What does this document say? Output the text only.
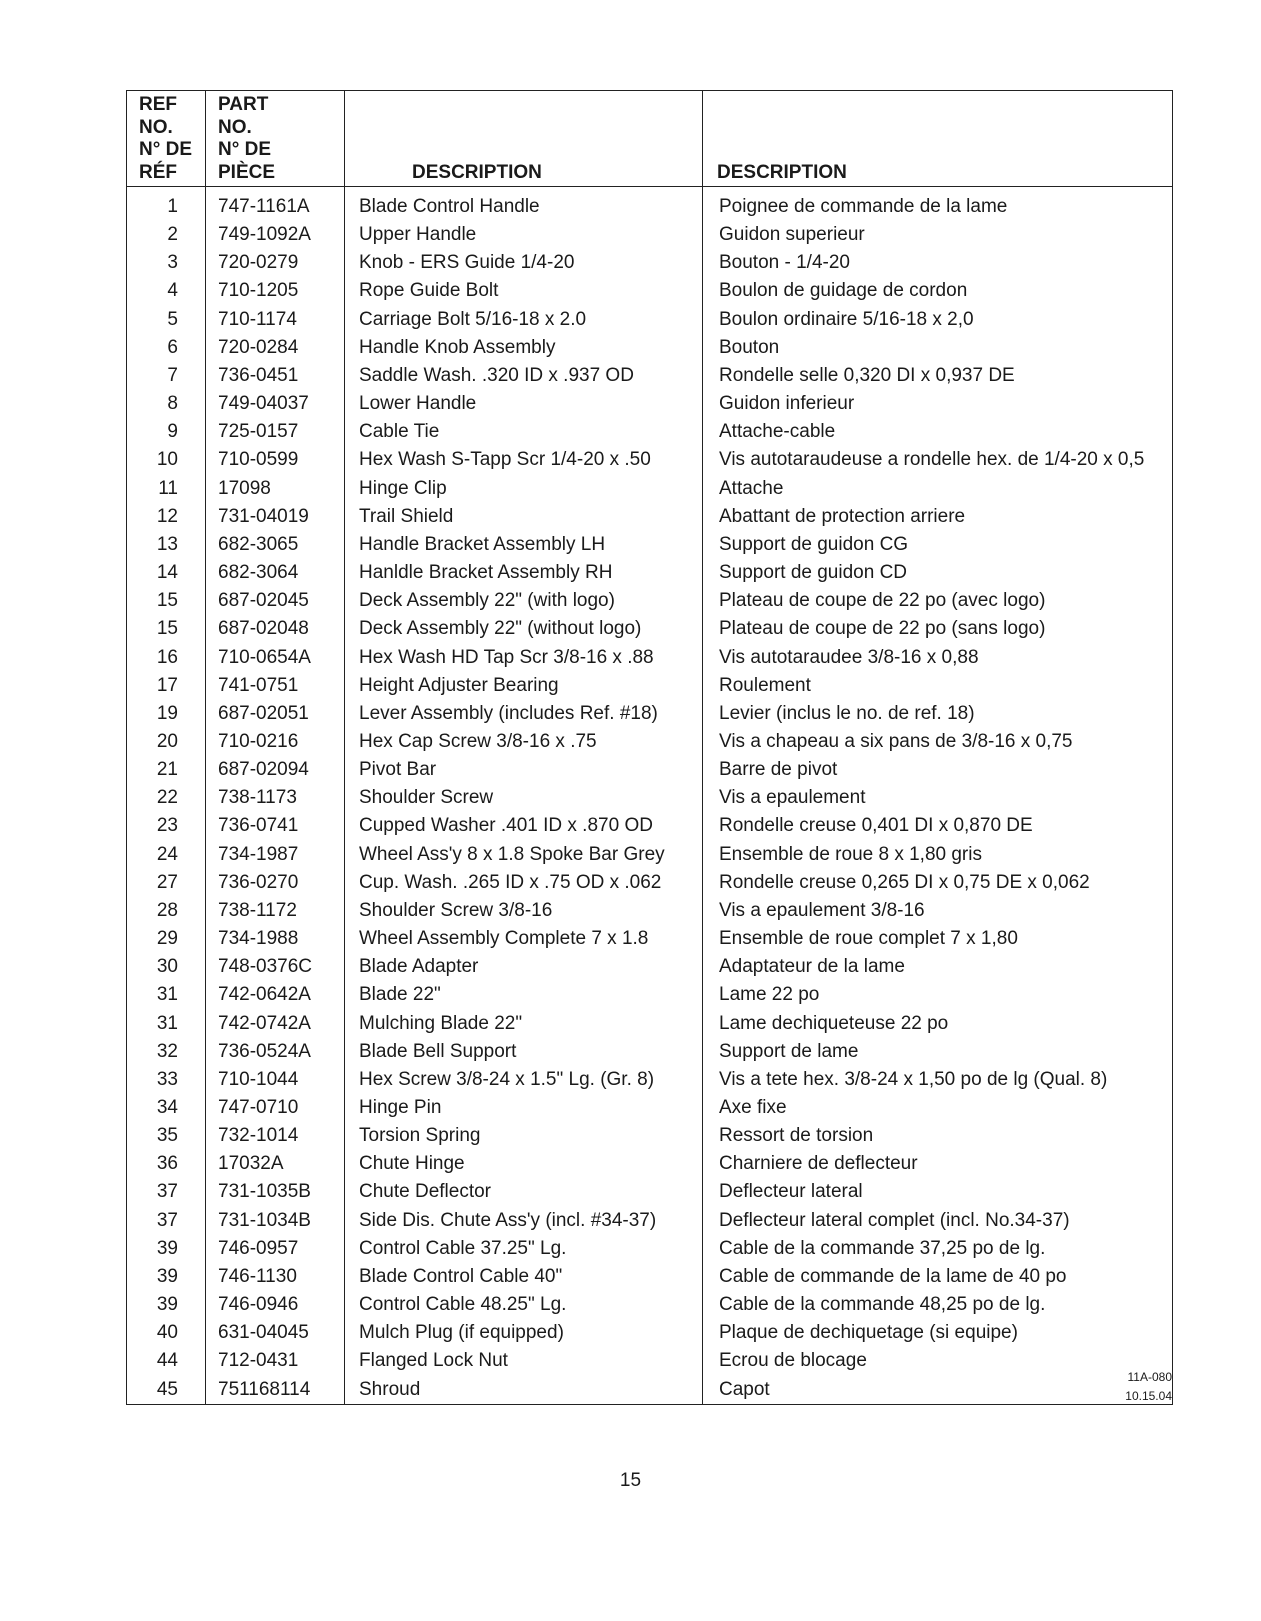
REF
NO.
N° DE
RÉF	PART
NO.
N° DE
PIÈCE	DESCRIPTION	DESCRIPTION
1	747-1161A	Blade Control Handle	Poignee de commande de la lame
2	749-1092A	Upper Handle	Guidon superieur
3	720-0279	Knob - ERS Guide 1/4-20	Bouton - 1/4-20
4	710-1205	Rope Guide Bolt	Boulon de guidage de cordon
5	710-1174	Carriage Bolt 5/16-18 x 2.0	Boulon ordinaire 5/16-18 x 2,0
6	720-0284	Handle Knob Assembly	Bouton
7	736-0451	Saddle Wash. .320 ID x .937 OD	Rondelle selle 0,320 DI x 0,937 DE
8	749-04037	Lower Handle	Guidon inferieur
9	725-0157	Cable Tie	Attache-cable
10	710-0599	Hex Wash S-Tapp Scr 1/4-20 x .50	Vis autotaraudeuse a rondelle hex. de 1/4-20 x 0,5
11	17098	Hinge Clip	Attache
12	731-04019	Trail Shield	Abattant de protection arriere
13	682-3065	Handle Bracket Assembly LH	Support de guidon CG
14	682-3064	Hanldle Bracket Assembly RH	Support de guidon CD
15	687-02045	Deck Assembly 22" (with logo)	Plateau de coupe de 22 po (avec logo)
15	687-02048	Deck Assembly 22" (without logo)	Plateau de coupe de 22 po (sans logo)
16	710-0654A	Hex Wash HD Tap Scr 3/8-16 x .88	Vis autotaraudee 3/8-16 x 0,88
17	741-0751	Height Adjuster Bearing	Roulement
19	687-02051	Lever Assembly (includes Ref. #18)	Levier (inclus le no. de ref. 18)
20	710-0216	Hex Cap Screw 3/8-16 x .75	Vis a chapeau a six pans de 3/8-16 x 0,75
21	687-02094	Pivot Bar	Barre de pivot
22	738-1173	Shoulder Screw	Vis a epaulement
23	736-0741	Cupped Washer .401 ID x .870 OD	Rondelle creuse 0,401 DI x 0,870 DE
24	734-1987	Wheel Ass'y 8 x 1.8 Spoke Bar Grey	Ensemble de roue 8 x 1,80 gris
27	736-0270	Cup. Wash. .265 ID x .75 OD x .062	Rondelle creuse 0,265 DI x 0,75 DE x 0,062
28	738-1172	Shoulder Screw 3/8-16	Vis a epaulement 3/8-16
29	734-1988	Wheel Assembly Complete 7 x 1.8	Ensemble de roue complet 7 x 1,80
30	748-0376C	Blade Adapter	Adaptateur de la lame
31	742-0642A	Blade 22"	Lame 22 po
31	742-0742A	Mulching Blade 22"	Lame dechiqueteuse 22 po
32	736-0524A	Blade Bell Support	Support de lame
33	710-1044	Hex Screw 3/8-24 x 1.5" Lg. (Gr. 8)	Vis a tete hex. 3/8-24 x 1,50 po de lg (Qual. 8)
34	747-0710	Hinge Pin	Axe fixe
35	732-1014	Torsion Spring	Ressort de torsion
36	17032A	Chute Hinge	Charniere de deflecteur
37	731-1035B	Chute Deflector	Deflecteur lateral
37	731-1034B	Side Dis. Chute Ass'y (incl. #34-37)	Deflecteur lateral complet (incl. No.34-37)
39	746-0957	Control Cable 37.25" Lg.	Cable de la commande 37,25 po de lg.
39	746-1130	Blade Control Cable 40"	Cable de commande de la lame de 40 po
39	746-0946	Control Cable 48.25" Lg.	Cable de la commande 48,25 po de lg.
40	631-04045	Mulch Plug (if equipped)	Plaque de dechiquetage (si equipe)
44	712-0431	Flanged Lock Nut	Ecrou de blocage
45	751168114	Shroud	Capot
11A-080
10.15.04
15
